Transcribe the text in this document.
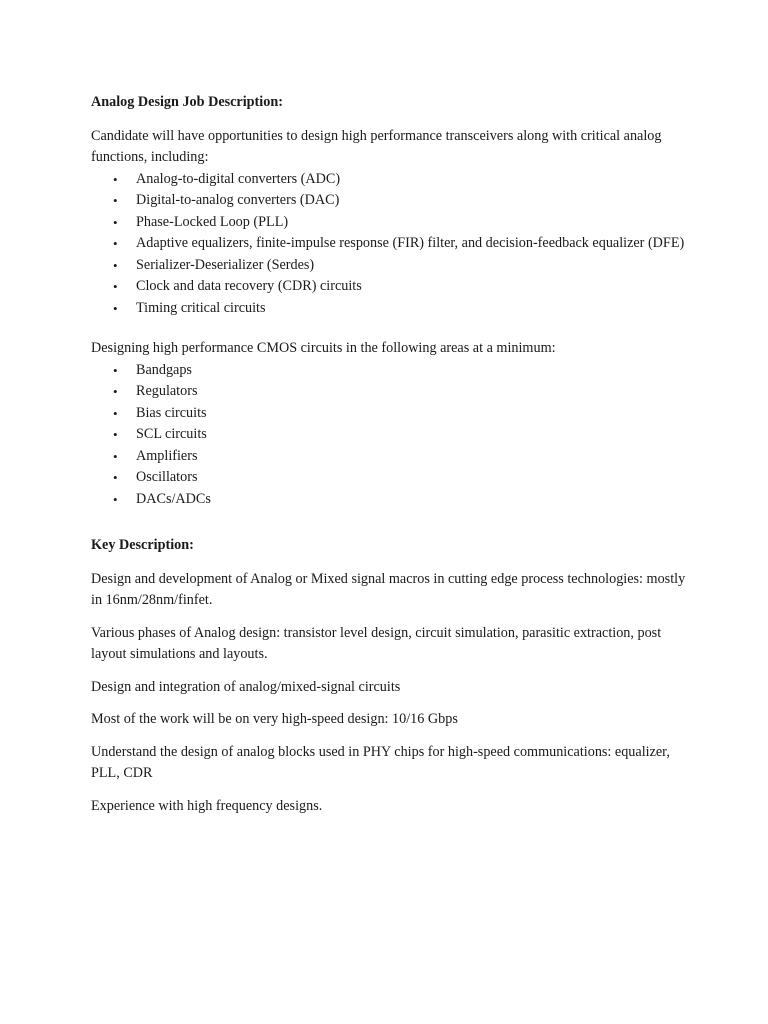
Analog Design Job Description:

Candidate will have opportunities to design high performance transceivers along with critical analog functions, including:

• Analog-to-digital converters (ADC)
• Digital-to-analog converters (DAC)
• Phase-Locked Loop (PLL)
• Adaptive equalizers, finite-impulse response (FIR) filter, and decision-feedback equalizer (DFE)
• Serializer-Deserializer (Serdes)
• Clock and data recovery (CDR) circuits
• Timing critical circuits

Designing high performance CMOS circuits in the following areas at a minimum:

• Bandgaps
• Regulators
• Bias circuits
• SCL circuits
• Amplifiers
• Oscillators
• DACs/ADCs

Key Description:

Design and development of Analog or Mixed signal macros in cutting edge process technologies: mostly in 16nm/28nm/finfet.

Various phases of Analog design: transistor level design, circuit simulation, parasitic extraction, post layout simulations and layouts.

Design and integration of analog/mixed-signal circuits

Most of the work will be on very high-speed design: 10/16 Gbps

Understand the design of analog blocks used in PHY chips for high-speed communications: equalizer, PLL, CDR

Experience with high frequency designs.
